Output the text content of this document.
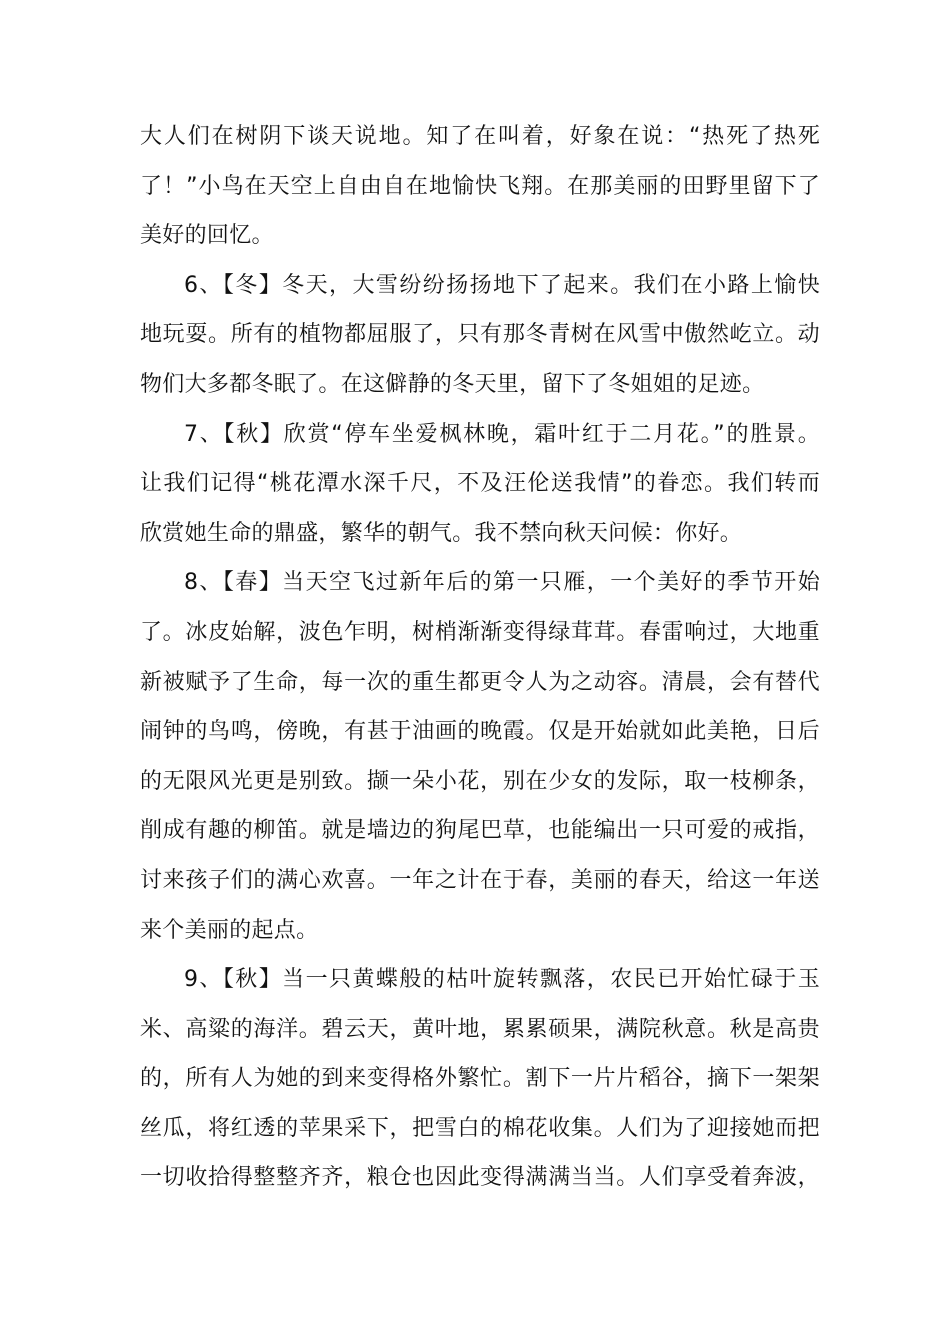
大人们在树阴下谈天说地。知了在叫着，好象在说：“热死了热死
了！”小鸟在天空上自由自在地愉快飞翔。在那美丽的田野里留下了
美好的回忆。
6、【冬】冬天，大雪纷纷扬扬地下了起来。我们在小路上愉快
地玩耍。所有的植物都屈服了，只有那冬青树在风雪中傲然屹立。动
物们大多都冬眠了。在这僻静的冬天里，留下了冬姐姐的足迹。
7、【秋】欣赏“停车坐爱枫林晚，霜叶红于二月花。”的胜景。
让我们记得“桃花潭水深千尺，不及汪伦送我情”的眷恋。我们转而
欣赏她生命的鼎盛，繁华的朝气。我不禁向秋天问候：你好。
8、【春】当天空飞过新年后的第一只雁，一个美好的季节开始
了。冰皮始解，波色乍明，树梢渐渐变得绿茸茸。春雷响过，大地重
新被赋予了生命，每一次的重生都更令人为之动容。清晨，会有替代
闹钟的鸟鸣，傍晚，有甚于油画的晚霞。仅是开始就如此美艳，日后
的无限风光更是别致。撷一朵小花，别在少女的发际，取一枝柳条，
削成有趣的柳笛。就是墙边的狗尾巴草，也能编出一只可爱的戒指，
讨来孩子们的满心欢喜。一年之计在于春，美丽的春天，给这一年送
来个美丽的起点。
9、【秋】当一只黄蝶般的枯叶旋转飘落，农民已开始忙碌于玉
米、高粱的海洋。碧云天，黄叶地，累累硕果，满院秋意。秋是高贵
的，所有人为她的到来变得格外繁忙。割下一片片稻谷，摘下一架架
丝瓜，将红透的苹果采下，把雪白的棉花收集。人们为了迎接她而把
一切收拾得整整齐齐，粮仓也因此变得满满当当。人们享受着奔波，
